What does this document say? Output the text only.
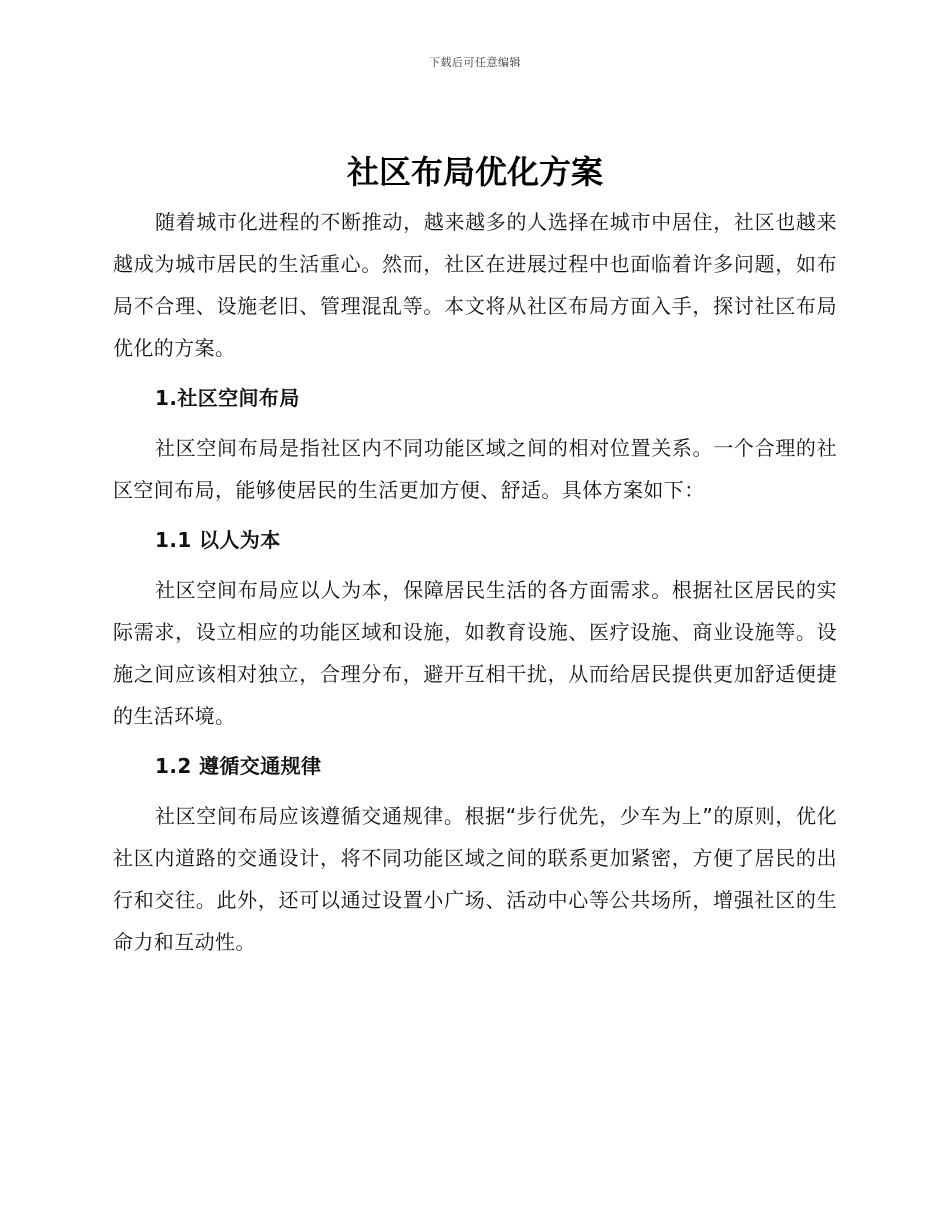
下载后可任意编辑
社区布局优化方案

随着城市化进程的不断推动，越来越多的人选择在城市中居住，社区也越来越成为城市居民的生活重心。然而，社区在进展过程中也面临着许多问题，如布局不合理、设施老旧、管理混乱等。本文将从社区布局方面入手，探讨社区布局优化的方案。

1.社区空间布局

社区空间布局是指社区内不同功能区域之间的相对位置关系。一个合理的社区空间布局，能够使居民的生活更加方便、舒适。具体方案如下：

1.1 以人为本

社区空间布局应以人为本，保障居民生活的各方面需求。根据社区居民的实际需求，设立相应的功能区域和设施，如教育设施、医疗设施、商业设施等。设施之间应该相对独立，合理分布，避开互相干扰，从而给居民提供更加舒适便捷的生活环境。

1.2 遵循交通规律

社区空间布局应该遵循交通规律。根据“步行优先，少车为上”的原则，优化社区内道路的交通设计，将不同功能区域之间的联系更加紧密，方便了居民的出行和交往。此外，还可以通过设置小广场、活动中心等公共场所，增强社区的生命力和互动性。
